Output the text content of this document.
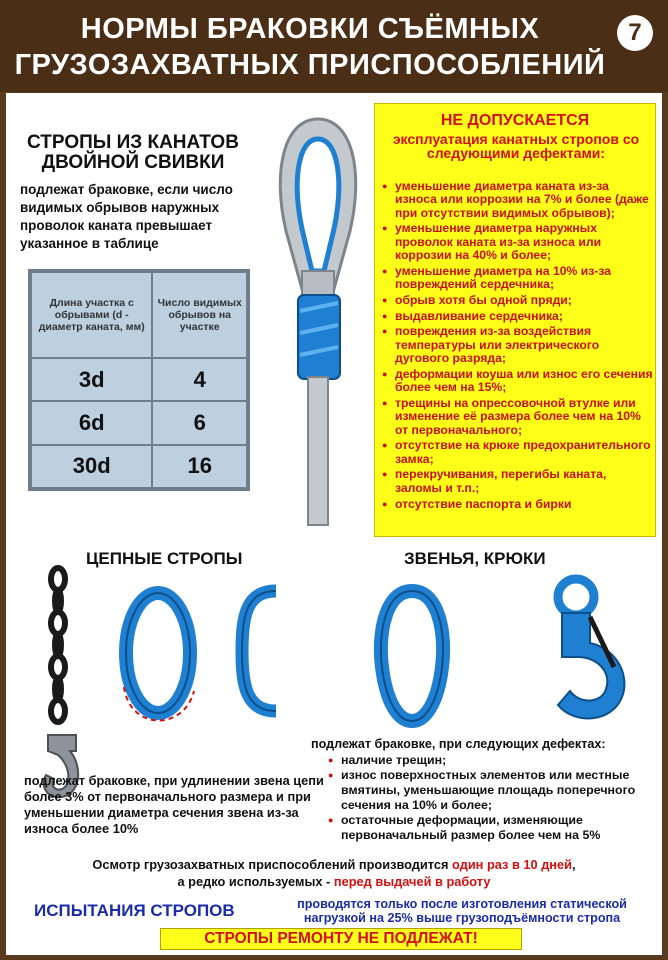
НОРМЫ БРАКОВКИ СЪЁМНЫХ
ГРУЗОЗАХВАТНЫХ ПРИСПОСОБЛЕНИЙ
7
СТРОПЫ ИЗ КАНАТОВ
ДВОЙНОЙ СВИВКИ
подлежат браковке, если число видимых обрывов наружных проволок каната превышает указанное в таблице
Длина участка с обрывами (d - диаметр каната, мм)	Число видимых обрывов на участке
3d	4
6d	6
30d	16
НЕ ДОПУСКАЕТСЯ
эксплуатация канатных стропов со следующими дефектами:
● уменьшение диаметра каната из-за износа или коррозии на 7% и более (даже при отсутствии видимых обрывов);
● уменьшение диаметра наружных проволок каната из-за износа или коррозии на 40% и более;
● уменьшение диаметра на 10% из-за повреждений сердечника;
● обрыв хотя бы одной пряди;
● выдавливание сердечника;
● повреждения из-за воздействия температуры или электрического дугового разряда;
● деформации коуша или износ его сечения более чем на 15%;
● трещины на опрессовочной втулке или изменение её размера более чем на 10% от первоначального;
● отсутствие на крюке предохранительного замка;
● перекручивания, перегибы каната, заломы и т.п.;
● отсутствие паспорта и бирки
ЦЕПНЫЕ СТРОПЫ	ЗВЕНЬЯ, КРЮКИ
подлежат браковке, при удлинении звена цепи более 3% от первоначального размера и при уменьшении диаметра сечения звена из-за износа более 10%
подлежат браковке, при следующих дефектах:
● наличие трещин;
● износ поверхностных элементов или местные вмятины, уменьшающие площадь поперечного сечения на 10% и более;
● остаточные деформации, изменяющие первоначальный размер более чем на 5%
Осмотр грузозахватных приспособлений производится один раз в 10 дней,
а редко используемых - перед выдачей в работу
ИСПЫТАНИЯ СТРОПОВ	проводятся только после изготовления статической нагрузкой на 25% выше грузоподъёмности стропа
СТРОПЫ РЕМОНТУ НЕ ПОДЛЕЖАТ!	gde
